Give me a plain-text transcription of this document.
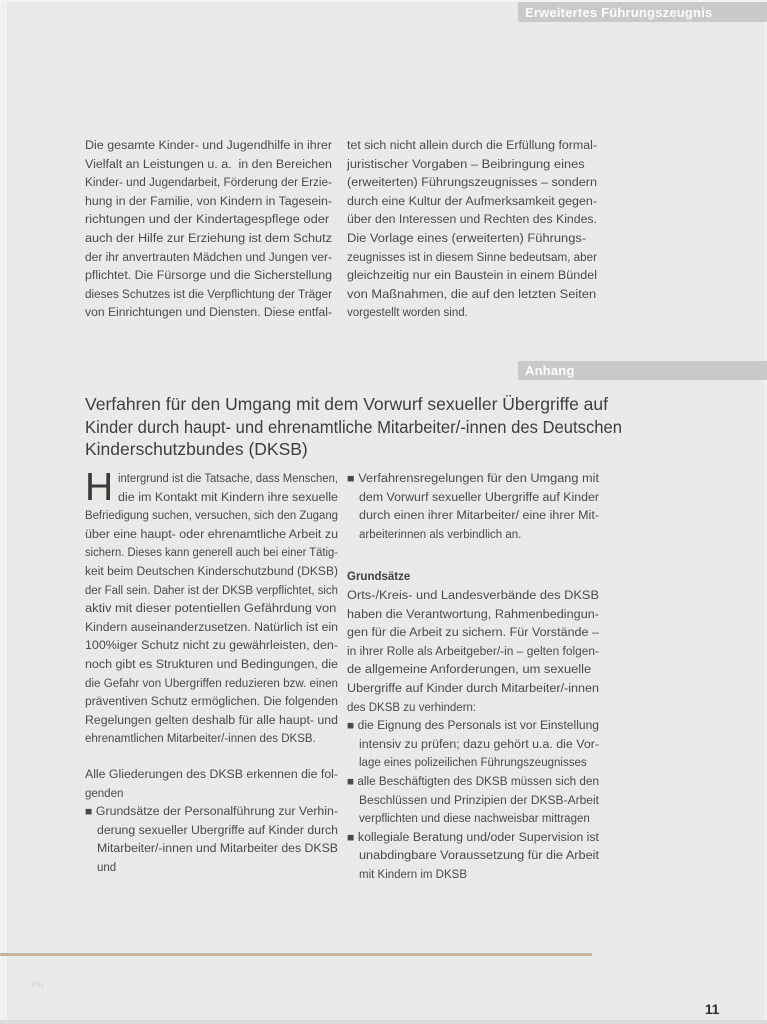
Erweitertes Führungszeugnis
Die gesamte Kinder- und Jugendhilfe in ihrer
Vielfalt an Leistungen u. a.  in den Bereichen
Kinder- und Jugendarbeit, Förderung der Erzie-
hung in der Familie, von Kindern in Tagesein-
richtungen und der Kindertagespflege oder
auch der Hilfe zur Erziehung ist dem Schutz
der ihr anvertrauten Mädchen und Jungen ver-
pflichtet. Die Fürsorge und die Sicherstellung
dieses Schutzes ist die Verpflichtung der Träger
von Einrichtungen und Diensten. Diese entfal-
tet sich nicht allein durch die Erfüllung formal-
juristischer Vorgaben – Beibringung eines
(erweiterten) Führungszeugnisses – sondern
durch eine Kultur der Aufmerksamkeit gegen-
über den Interessen und Rechten des Kindes.
Die Vorlage eines (erweiterten) Führungs-
zeugnisses ist in diesem Sinne bedeutsam, aber
gleichzeitig nur ein Baustein in einem Bündel
von Maßnahmen, die auf den letzten Seiten
vorgestellt worden sind.
Anhang
Verfahren für den Umgang mit dem Vorwurf sexueller Übergriffe auf
Kinder durch haupt- und ehrenamtliche Mitarbeiter/-innen des Deutschen
Kinderschutzbundes (DKSB)
H intergrund ist die Tatsache, dass Menschen,
die im Kontakt mit Kindern ihre sexuelle
Befriedigung suchen, versuchen, sich den Zugang
über eine haupt- oder ehrenamtliche Arbeit zu
sichern. Dieses kann generell auch bei einer Tätig-
keit beim Deutschen Kinderschutzbund (DKSB)
der Fall sein. Daher ist der DKSB verpflichtet, sich
aktiv mit dieser potentiellen Gefährdung von
Kindern auseinanderzusetzen. Natürlich ist ein
100%iger Schutz nicht zu gewährleisten, den-
noch gibt es Strukturen und Bedingungen, die
die Gefahr von Übergriffen reduzieren bzw. einen
präventiven Schutz ermöglichen. Die folgenden
Regelungen gelten deshalb für alle haupt- und
ehrenamtlichen Mitarbeiter/-innen des DKSB.
Alle Gliederungen des DKSB erkennen die fol-
genden
■ Grundsätze der Personalführung zur Verhin-
derung sexueller Übergriffe auf Kinder durch
Mitarbeiter/-innen und Mitarbeiter des DKSB
und
■ Verfahrensregelungen für den Umgang mit
dem Vorwurf sexueller Übergriffe auf Kinder
durch einen ihrer Mitarbeiter/ eine ihrer Mit-
arbeiterinnen als verbindlich an.
Grundsätze
Orts-/Kreis- und Landesverbände des DKSB
haben die Verantwortung, Rahmenbedingun-
gen für die Arbeit zu sichern. Für Vorstände –
in ihrer Rolle als Arbeitgeber/-in – gelten folgen-
de allgemeine Anforderungen, um sexuelle
Übergriffe auf Kinder durch Mitarbeiter/-innen
des DKSB zu verhindern:
■ die Eignung des Personals ist vor Einstellung
intensiv zu prüfen; dazu gehört u.a. die Vor-
lage eines polizeilichen Führungszeugnisses
■ alle Beschäftigten des DKSB müssen sich den
Beschlüssen und Prinzipien der DKSB-Arbeit
verpflichten und diese nachweisbar mittragen
■ kollegiale Beratung und/oder Supervision ist
unabdingbare Voraussetzung für die Arbeit
mit Kindern im DKSB
Hu
11
